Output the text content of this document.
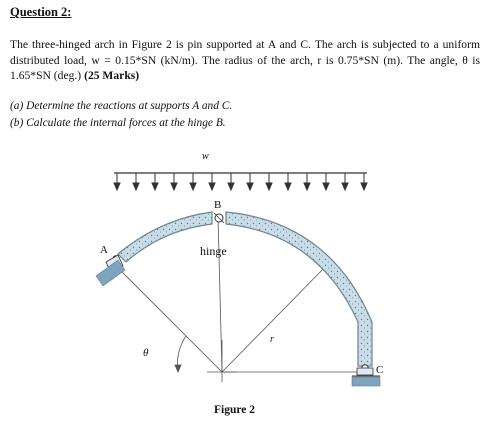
Question 2:
The three-hinged arch in Figure 2 is pin supported at A and C. The arch is subjected to a uniform distributed load, w = 0.15*SN (kN/m). The radius of the arch, r is 0.75*SN (m). The angle, θ is 1.65*SN (deg.) (25 Marks)
(a) Determine the reactions at supports A and C.
(b) Calculate the internal forces at the hinge B.
w
B
A	hinge
r
θ
C
Figure 2
